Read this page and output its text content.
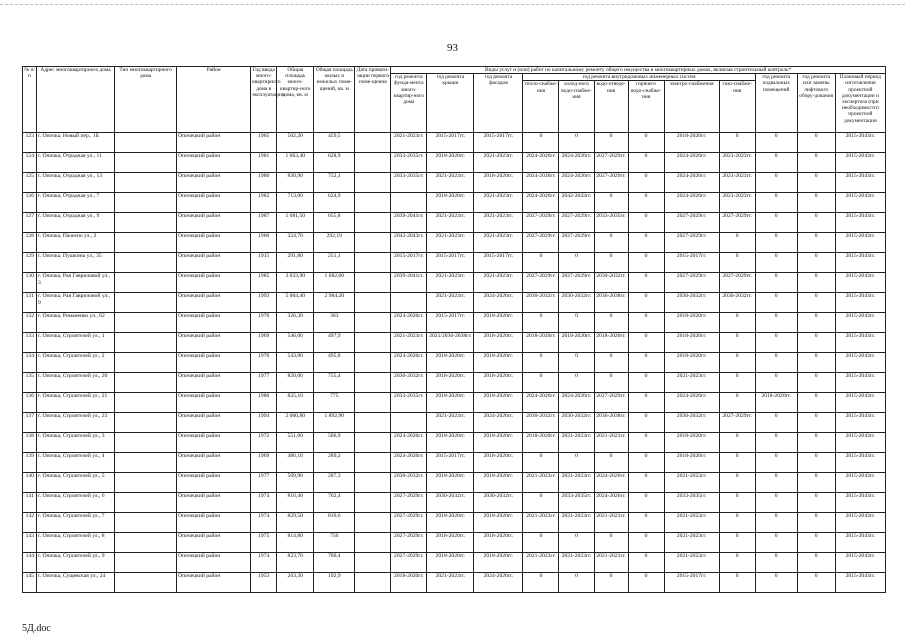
93
№ п/п	Адрес многоквартирного дома	Тип многоквартирного дома	Район	Год ввода много-квартирного дома в эксплуатацию	Общая площадь много-квартир-ного дома, кв. м	Общая площадь жилых и нежилых поме-щений, кв. м	Дата привати-зации первого поме-щения	Виды услуг и (или) работ по капитальному ремонту общего имущества в многоквартирных домах, включая строительный контроль*											
								год ремонта фунда-мента много-квартир-ного дома	год ремонта крыши	год ремонта фасадов	год ремонта внутридомовых инженерных систем						год ремонта подвальных помещений	год ремонта или замены лифтового обору-дования	Плановый период изготовления проектной документации и экспертиза (при необходимости) проектной документации
											тепло-снабже-ния	холод-ного водо-снабже-ния	водо-отведе-ния	горячего водо-снабже-ния	электро-снабжения	газо-снабже-ния			
123	г. Опочка, Новый пер., 1Б		Опочецкий район	1965	502,20	459,5		2021-2023гг.	2015-2017гг.	2015-2017гг.	0	0	0	0	2018-2020гг.	0	0	0	2015-2043гг.
124	г. Опочка, Отрадная ул., 11		Опочецкий район	1981	1 063,40	628,9		2033-2035гг.	2018-2020гг.	2021-2023гг.	2024-2026гг.	2024-2026гг.	2027-2029гг.	0	2024-2026гг.	2021-2023гг.	0	0	2015-2043гг.
125	г. Опочка, Отрадная ул., 13		Опочецкий район	1980	830,90	752,1		2033-2035гг.	2021-2023гг.	2018-2020гг.	2024-2026гг.	2024-2026гг.	2027-2029гг.	0	2024-2026гг.	2021-2023гг.	0	0	2015-2043гг.
126	г. Опочка, Отрадная ул., 7		Опочецкий район	1982	713,00	624,9			2018-2020гг.	2021-2023гг.	2024-2026гг.	2042-2043гг.	0	0	2024-2026гг.	2021-2023гг.	0	0	2015-2043гг.
127	г. Опочка, Отрадная ул., 9		Опочецкий район	1987	1 081,50	655,8		2039-2041гг.	2021-2023гг.	2021-2023гг.	2027-2029гг.	2027-2029гг.	2033-2035гг.	0	2027-2029гг.	2027-2029гг.	0	0	2015-2043гг.
128	г. Опочка, Пачеєно ул., 2		Опочецкий район	1960	324,70	292,19		2042-2043гг.	2021-2023гг.	2021-2023гг.	2027-2029гг.	2027-2029гг.	0	0	2027-2029гг.	0	0	0	2015-2043гг.
129	г. Опочка, Пушкина ул., 35		Опочецкий район	1915	291,80	251,1		2015-2017гг.	2015-2017гг.	2015-2017гг.	0	0	0	0	2015-2017гг.	0	0	0	2015-2043гг.
130	г. Опочка, Рая Гавриловой ул., 3		Опочецкий район	1985	3 033,90	1 682,60		2039-2041гг.	2021-2023гг.	2021-2023гг.	2027-2029гг.	2027-2029гг.	2030-2032гг.	0	2027-2029гг.	2027-2029гг.	0	0	2015-2043гг.
131	г. Опочка, Рая Гавриловой ул., 9		Опочецкий район	1993	5 004,40	2 984,20			2021-2023гг.	2024-2026гг.	2030-2032гг.	2030-2032гг.	2036-2038гг.	0	2030-2032гг.	2030-2032гг.	0	0	2015-2043гг.
132	г. Опочка, Романенко ул., 62		Опочецкий район	1970	326,30	303		2024-2026гг.	2015-2017гг.	2018-2020гг.	0	0	0	0	2018-2020гг.	0	0	0	2015-2043гг.
133	г. Опочка, Строителей ул., 1		Опочецкий район	1969	546,00	497,9		2021-2023гг.	2021/2036-2038гг.	2018-2020гг.	2018-2020гг.	2018-2020гг.	2018-2020гг.	0	2018-2020гг.	0	0	0	2015-2043гг.
134	г. Опочка, Строителей ул., 2		Опочецкий район	1970	543,80	495,8		2024-2026гг.	2018-2020гг.	2018-2020гг.	0	0	0	0	2018-2020гг.	0	0	0	2015-2043гг.
135	г. Опочка, Строителей ул., 20		Опочецкий район	1977	820,00	755,4		2030-2032гг.	2018-2020гг.	2018-2020гг.	0	0	0	0	2021-2023гг.	0	0	0	2015-2043гг.
136	г. Опочка, Строителей ул., 21		Опочецкий район	1980	825,10	775		2033-2035гг.	2018-2020гг.	2018-2020гг.	2024-2026гг.	2024-2026гг.	2027-2029гг.	0	2024-2026гг.	0	2018-2020гг.	0	2015-2043гг.
137	г. Опочка, Строителей ул., 23		Опочецкий район	1994	2 000,80	1 892,90			2021-2023гг.	2024-2026гг.	2030-2032гг.	2030-2032гг.	2036-2038гг.	0	2030-2032гг.	2027-2029гг.	0	0	2015-2043гг.
138	г. Опочка, Строителей ул., 3		Опочецкий район	1972	551,60	506,9		2024-2026гг.	2018-2020гг.	2018-2020гг.	2018-2020гг.	2021-2023гг.	2021-2023гг.	0	2018-2020гг.	0	0	0	2015-2043гг.
139	г. Опочка, Строителей ул., 4		Опочецкий район	1969	486,10	289,2		2024-2026гг.	2015-2017гг.	2018-2020гг.	0	0	0	0	2018-2020гг.	0	0	0	2015-2043гг.
140	г. Опочка, Строителей ул., 5		Опочецкий район	1977	509,90	287,3		2030-2032гг.	2018-2020гг.	2018-2020гг.	2021-2023гг.	2021-2023гг.	2024-2026гг.	0	2021-2023гг.	0	0	0	2015-2043гг.
141	г. Опочка, Строителей ул., 6		Опочецкий район	1974	816,40	762,4		2027-2029гг.	2030-2032гг.	2030-2032гг.	0	2033-2035гг.	2024-2026гг.	0	2033-2035гг.	0	0	0	2015-2043гг.
142	г. Опочка, Строителей ул., 7		Опочецкий район	1974	829,50	810,6		2027-2029гг.	2018-2020гг.	2018-2020гг.	2021-2023гг.	2021-2023гг.	2021-2023гг.	0	2021-2023гг.	0	0	0	2015-2043гг.
143	г. Опочка, Строителей ул., 8		Опочецкий район	1975	814,80	756		2027-2029гг.	2018-2020гг.	2018-2020гг.	0	0	0	0	2021-2023гг.	0	0	0	2015-2043гг.
144	г. Опочка, Строителей ул., 9		Опочецкий район	1974	823,70	760,4		2027-2029гг.	2018-2020гг.	2018-2020гг.	2021-2023гг.	2021-2023гг.	2021-2023гг.	0	2021-2023гг.	0	0	0	2015-2043гг.
145	г. Опочка, Сущевская ул., 24		Опочецкий район	1953	263,30	192,9		2018-2020гг.	2021-2023гг.	2024-2026гг.	0	0	0	0	2015-2017гг.	0	0	0	2015-2043гг.
5Д.doc
